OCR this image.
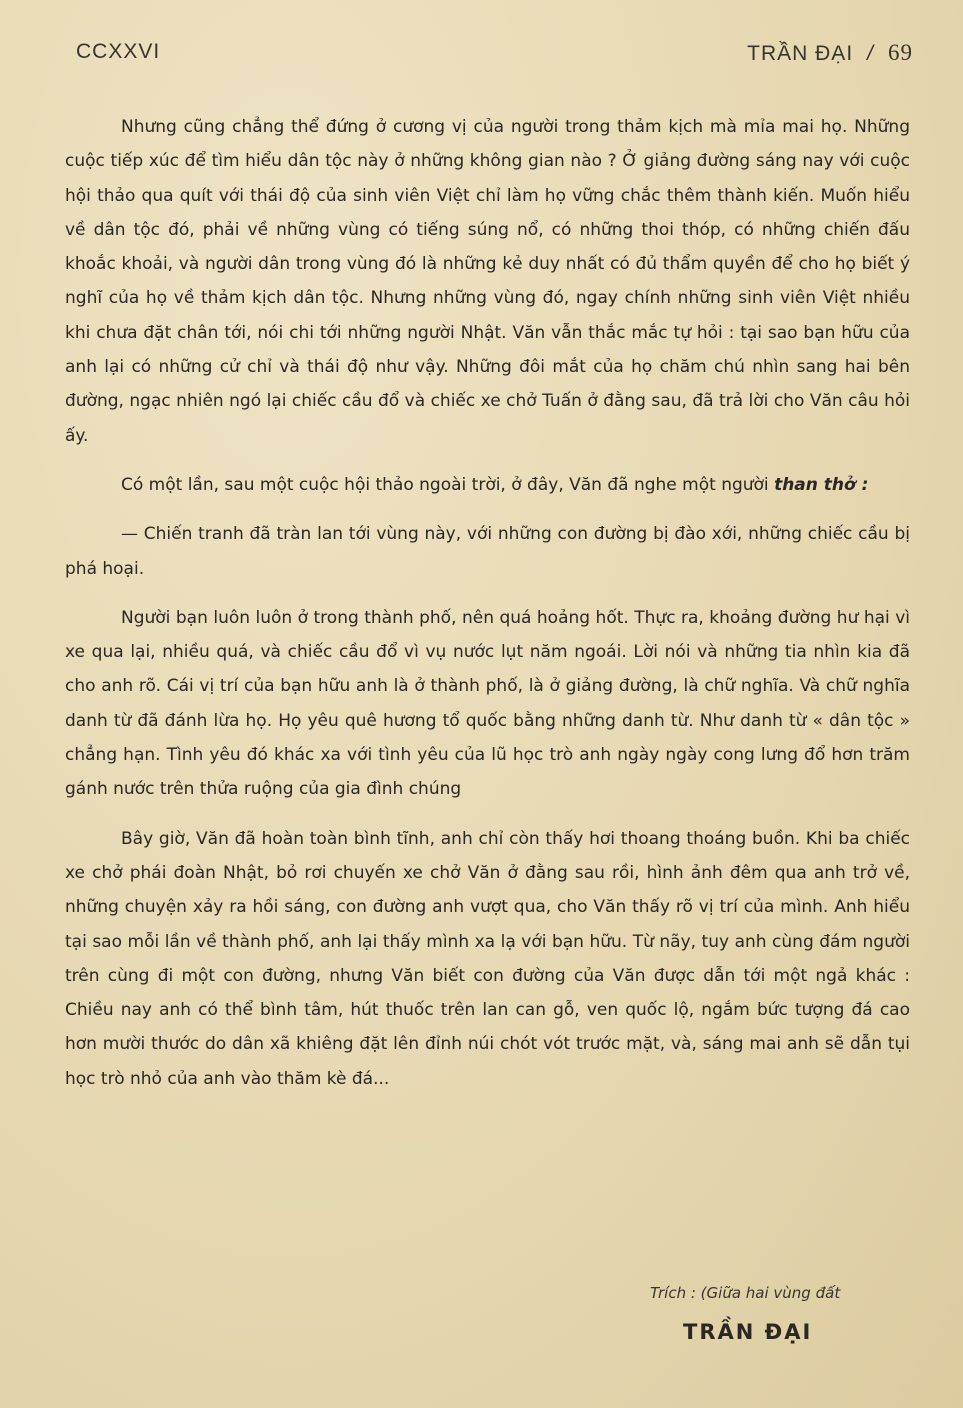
CCXXVI	TRẦN ĐẠI / 69

Nhưng cũng chẳng thể đứng ở cương vị của người trong thảm kịch mà mỉa mai họ. Những cuộc tiếp xúc để tìm hiểu dân tộc này ở những không gian nào ? Ở giảng đường sáng nay với cuộc hội thảo qua quít với thái độ của sinh viên Việt chỉ làm họ vững chắc thêm thành kiến. Muốn hiểu về dân tộc đó, phải về những vùng có tiếng súng nổ, có những thoi thóp, có những chiến đấu khoắc khoải, và người dân trong vùng đó là những kẻ duy nhất có đủ thẩm quyền để cho họ biết ý nghĩ của họ về thảm kịch dân tộc. Nhưng những vùng đó, ngay chính những sinh viên Việt nhiều khi chưa đặt chân tới, nói chi tới những người Nhật. Văn vẫn thắc mắc tự hỏi : tại sao bạn hữu của anh lại có những cử chỉ và thái độ như vậy. Những đôi mắt của họ chăm chú nhìn sang hai bên đường, ngạc nhiên ngó lại chiếc cầu đổ và chiếc xe chở Tuấn ở đằng sau, đã trả lời cho Văn câu hỏi ấy.

Có một lần, sau một cuộc hội thảo ngoài trời, ở đây, Văn đã nghe một người than thở :

— Chiến tranh đã tràn lan tới vùng này, với những con đường bị đào xới, những chiếc cầu bị phá hoại.

Người bạn luôn luôn ở trong thành phố, nên quá hoảng hốt. Thực ra, khoảng đường hư hại vì xe qua lại, nhiều quá, và chiếc cầu đổ vì vụ nước lụt năm ngoái. Lời nói và những tia nhìn kia đã cho anh rõ. Cái vị trí của bạn hữu anh là ở thành phố, là ở giảng đường, là chữ nghĩa. Và chữ nghĩa danh từ đã đánh lừa họ. Họ yêu quê hương tổ quốc bằng những danh từ. Như danh từ « dân tộc » chẳng hạn. Tình yêu đó khác xa với tình yêu của lũ học trò anh ngày ngày cong lưng đổ hơn trăm gánh nước trên thửa ruộng của gia đình chúng

Bây giờ, Văn đã hoàn toàn bình tĩnh, anh chỉ còn thấy hơi thoang thoáng buồn. Khi ba chiếc xe chở phái đoàn Nhật, bỏ rơi chuyến xe chở Văn ở đằng sau rồi, hình ảnh đêm qua anh trở về, những chuyện xảy ra hồi sáng, con đường anh vượt qua, cho Văn thấy rõ vị trí của mình. Anh hiểu tại sao mỗi lần về thành phố, anh lại thấy mình xa lạ với bạn hữu. Từ nãy, tuy anh cùng đám người trên cùng đi một con đường, nhưng Văn biết con đường của Văn được dẫn tới một ngả khác : Chiều nay anh có thể bình tâm, hút thuốc trên lan can gỗ, ven quốc lộ, ngắm bức tượng đá cao hơn mười thước do dân xã khiêng đặt lên đỉnh núi chót vót trước mặt, và, sáng mai anh sẽ dẫn tụi học trò nhỏ của anh vào thăm kè đá...

Trích : (Giữa hai vùng đất
TRẦN ĐẠI
